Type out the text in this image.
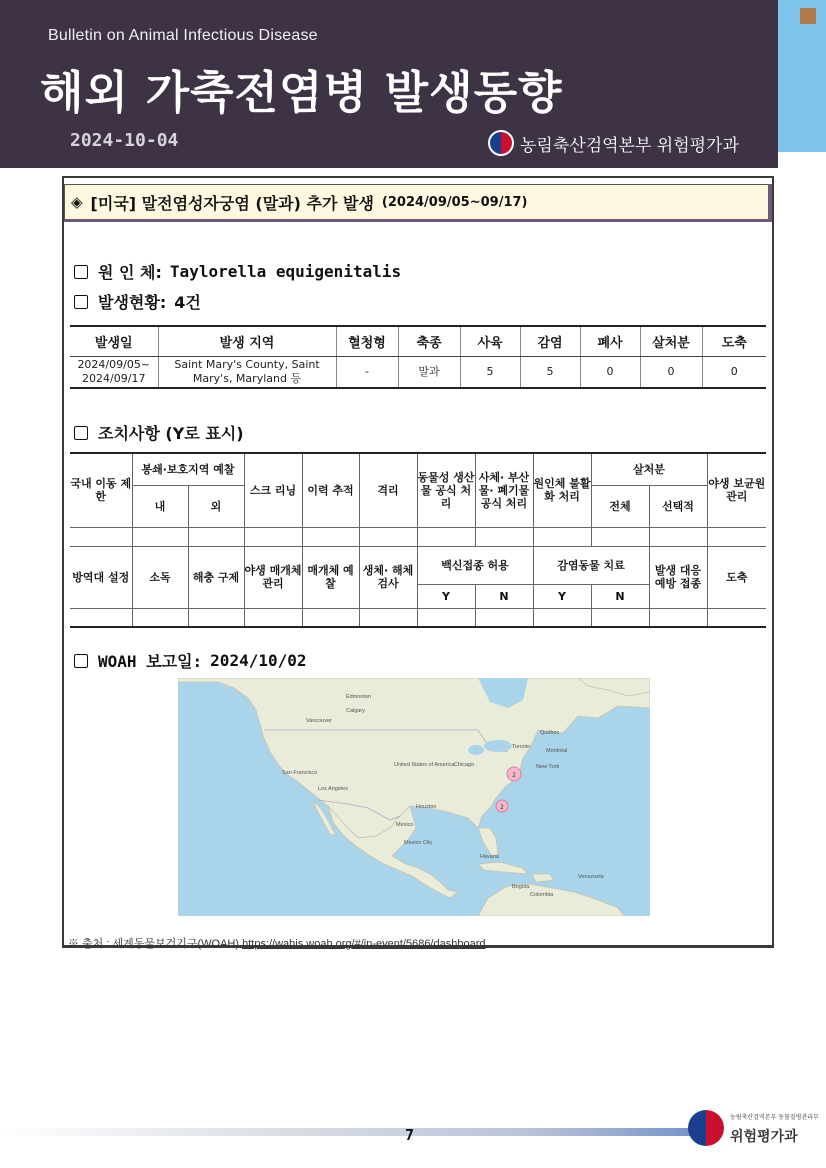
Bulletin on Animal Infectious Disease
해외 가축전염병 발생동향
2024-10-04	농림축산검역본부 위험평가과
◈ [미국] 말전염성자궁염 (말과) 추가 발생 (2024/09/05~09/17)
원 인 체: Taylorella equigenitalis
발생현황: 4건
발생일	발생 지역	혈청형	축종	사육	감염	폐사	살처분	도축
2024/09/05~
2024/09/17	Saint Mary's County, Saint Mary's, Maryland 등	-	말과	5	5	0	0	0
조치사항 (Y로 표시)
국내 이동 제한	봉쇄·보호지역 예찰		스크 리닝	이력 추적	격리	동물성 생산물 공식 처리	사체· 부산물· 폐기물 공식 처리	원인체 불활화 처리	살처분		야생 보균원 관리
	내	외							전체	선택적	

방역대 설정	소독	해충 구제	야생 매개체 관리	매개체 예찰	생체· 해체 검사	백신접종 허용		감염동물 치료		발생 대응 예방 접종	도축
						Y	N	Y	N		

WOAH 보고일: 2024/10/02
Edmonton
Calgary
Vancouver
Québec
Toronto
Montréal
Chicago	New York
San Francisco
Los Angeles
United States of America
Houston
Mexico
Mexico City
Havana
Venezuela
Colombia
Bogota
2
2
※ 출처 : 세계동물보건기구(WOAH) https://wahis.woah.org/#/in-event/5686/dashboard
7
농림축산검역본부 동물질병관리부
위험평가과
